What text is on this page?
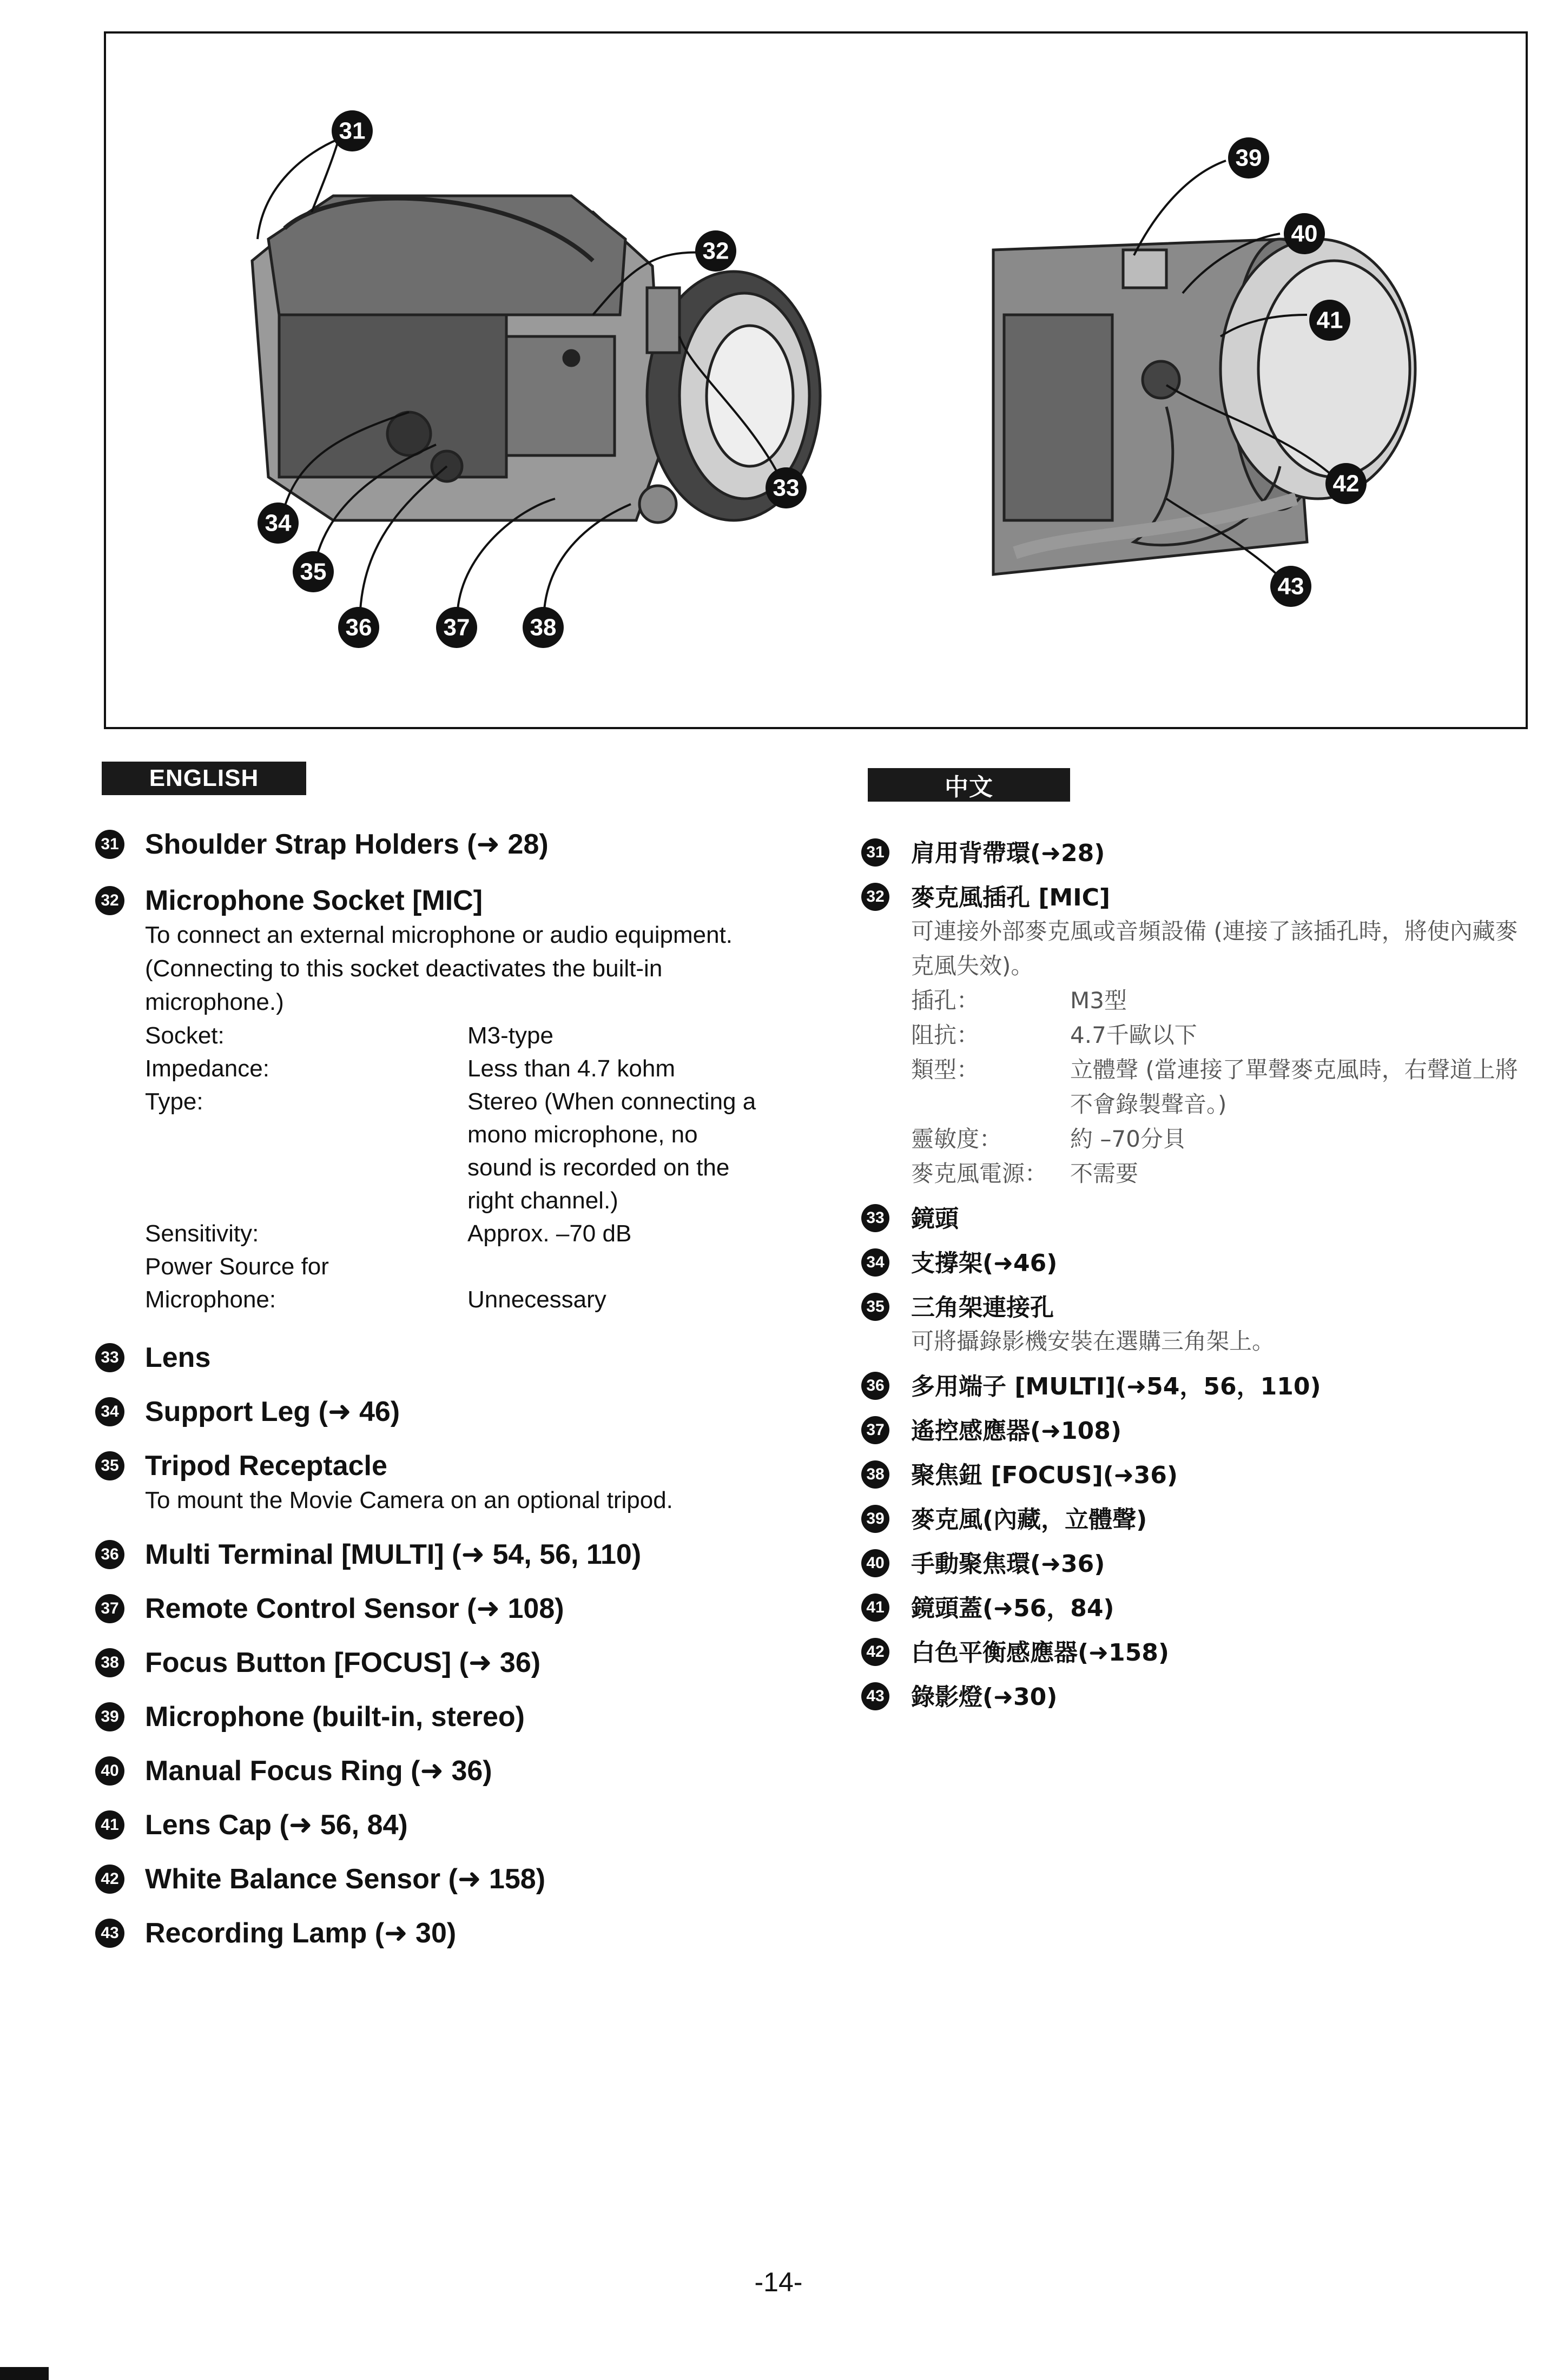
31
32
33
34
35
36	37	38
39
40
41
42
43
ENGLISH	中文
31 Shoulder Strap Holders (➜ 28)
32 Microphone Socket [MIC]
To connect an external microphone or audio equipment. (Connecting to this socket deactivates the built-in microphone.)
Socket:	M3-type
Impedance:	Less than 4.7 kohm
Type:	Stereo (When connecting a mono microphone, no sound is recorded on the right channel.)
Sensitivity:	Approx. –70 dB
Power Source for Microphone:	Unnecessary
33 Lens
34 Support Leg (➜ 46)
35 Tripod Receptacle
To mount the Movie Camera on an optional tripod.
36 Multi Terminal [MULTI] (➜ 54, 56, 110)
37 Remote Control Sensor (➜ 108)
38 Focus Button [FOCUS] (➜ 36)
39 Microphone (built-in, stereo)
40 Manual Focus Ring (➜ 36)
41 Lens Cap (➜ 56, 84)
42 White Balance Sensor (➜ 158)
43 Recording Lamp (➜ 30)
31 肩用背帶環(➜28)
32 麥克風插孔 [MIC]
可連接外部麥克風或音頻設備 (連接了該插孔時，將使內藏麥克風失效)。
插孔：	M3型
阻抗：	4.7千歐以下
類型：	立體聲 (當連接了單聲麥克風時，右聲道上將不會錄製聲音。)
靈敏度：	約 –70分貝
麥克風電源： 不需要
33 鏡頭
34 支撐架(➜46)
35 三角架連接孔
可將攝錄影機安裝在選購三角架上。
36 多用端子 [MULTI](➜54，56，110)
37 遙控感應器(➜108)
38 聚焦鈕 [FOCUS](➜36)
39 麥克風(內藏，立體聲)
40 手動聚焦環(➜36)
41 鏡頭蓋(➜56，84)
42 白色平衡感應器(➜158)
43 錄影燈(➜30)
-14-
